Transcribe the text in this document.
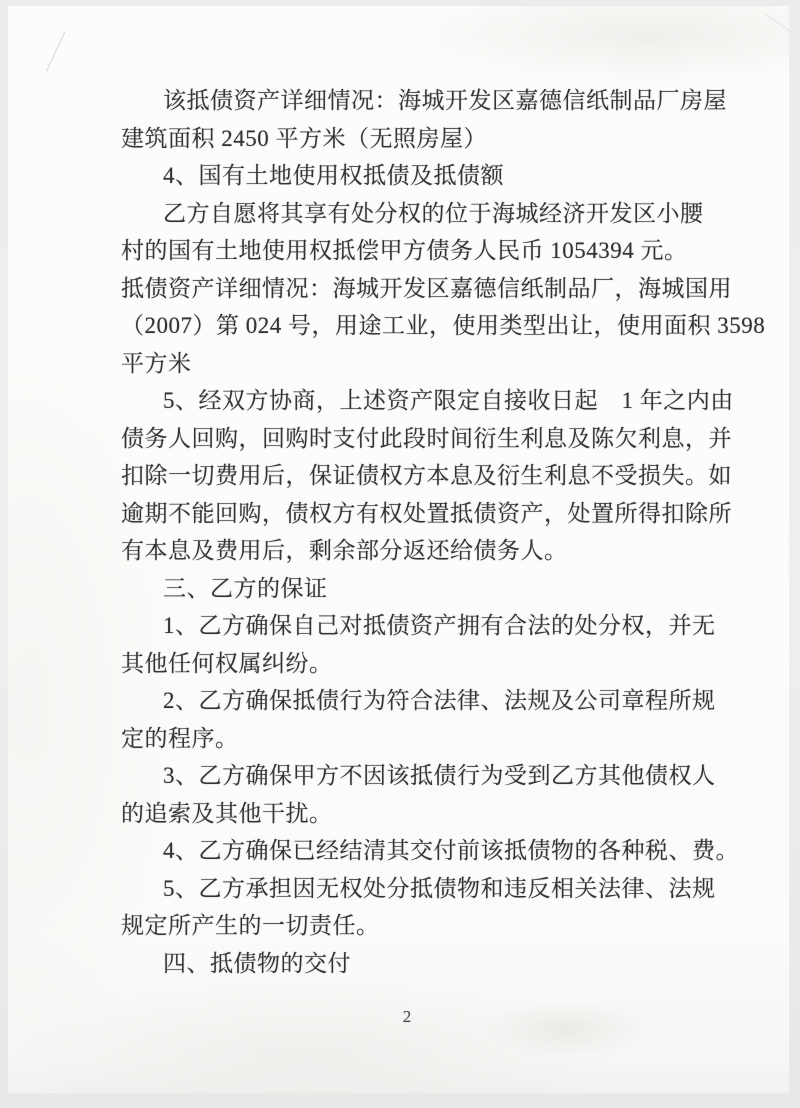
该抵债资产详细情况：海城开发区嘉德信纸制品厂房屋
建筑面积 2450 平方米（无照房屋）
4、国有土地使用权抵债及抵债额
乙方自愿将其享有处分权的位于海城经济开发区小腰
村的国有土地使用权抵偿甲方债务人民币 1054394 元。
抵债资产详细情况：海城开发区嘉德信纸制品厂，海城国用
（2007）第 024 号，用途工业，使用类型出让，使用面积 3598
平方米
5、经双方协商，上述资产限定自接收日起　1 年之内由
债务人回购，回购时支付此段时间衍生利息及陈欠利息，并
扣除一切费用后，保证债权方本息及衍生利息不受损失。如
逾期不能回购，债权方有权处置抵债资产，处置所得扣除所
有本息及费用后，剩余部分返还给债务人。
三、乙方的保证
1、乙方确保自己对抵债资产拥有合法的处分权，并无
其他任何权属纠纷。
2、乙方确保抵债行为符合法律、法规及公司章程所规
定的程序。
3、乙方确保甲方不因该抵债行为受到乙方其他债权人
的追索及其他干扰。
4、乙方确保已经结清其交付前该抵债物的各种税、费。
5、乙方承担因无权处分抵债物和违反相关法律、法规
规定所产生的一切责任。
四、抵债物的交付
2
